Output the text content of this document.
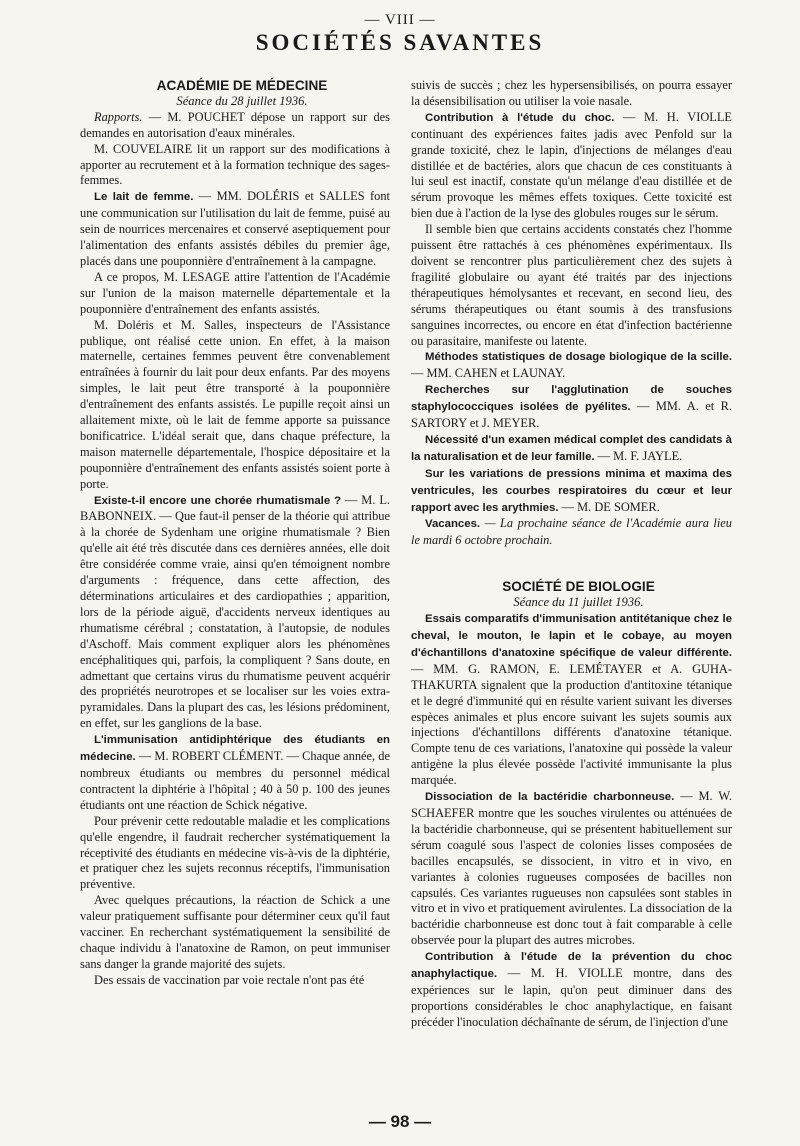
— VIII —
SOCIÉTÉS SAVANTES

ACADÉMIE DE MÉDECINE

Séance du 28 juillet 1936.

Rapports. — M. POUCHET dépose un rapport sur des demandes en autorisation d'eaux minérales.

M. COUVELAIRE lit un rapport sur des modifications à apporter au recrutement et à la formation technique des sages-femmes.

Le lait de femme. — MM. DOLÉRIS et SALLES font une communication sur l'utilisation du lait de femme, puisé au sein de nourrices mercenaires et conservé aseptiquement pour l'alimentation des enfants assistés débiles du premier âge, placés dans une pouponnière d'entraînement à la campagne.

A ce propos, M. LESAGE attire l'attention de l'Académie sur l'union de la maison maternelle départementale et la pouponnière d'entraînement des enfants assistés.

M. Doléris et M. Salles, inspecteurs de l'Assistance publique, ont réalisé cette union. En effet, à la maison maternelle, certaines femmes peuvent être convenablement entraînées à fournir du lait pour deux enfants. Par des moyens simples, le lait peut être transporté à la pouponnière d'entraînement des enfants assistés. Le pupille reçoit ainsi un allaitement mixte, où le lait de femme apporte sa puissance bonificatrice. L'idéal serait que, dans chaque préfecture, la maison maternelle départementale, l'hospice dépositaire et la pouponnière d'entraînement des enfants assistés soient porte à porte.

Existe-t-il encore une chorée rhumatismale ? — M. L. BABONNEIX. — Que faut-il penser de la théorie qui attribue à la chorée de Sydenham une origine rhumatismale ? Bien qu'elle ait été très discutée dans ces dernières années, elle doit être considérée comme vraie, ainsi qu'en témoignent nombre d'arguments : fréquence, dans cette affection, des déterminations articulaires et des cardiopathies ; apparition, lors de la période aiguë, d'accidents nerveux identiques au rhumatisme cérébral ; constatation, à l'autopsie, de nodules d'Aschoff. Mais comment expliquer alors les phénomènes encéphalitiques qui, parfois, la compliquent ? Sans doute, en admettant que certains virus du rhumatisme peuvent acquérir des propriétés neurotropes et se localiser sur les voies extra-pyramidales. Dans la plupart des cas, les lésions prédominent, en effet, sur les ganglions de la base.

L'immunisation antidiphtérique des étudiants en médecine. — M. ROBERT CLÉMENT. — Chaque année, de nombreux étudiants ou membres du personnel médical contractent la diphtérie à l'hôpital ; 40 à 50 p. 100 des jeunes étudiants ont une réaction de Schick négative.

Pour prévenir cette redoutable maladie et les complications qu'elle engendre, il faudrait rechercher systématiquement la réceptivité des étudiants en médecine vis-à-vis de la diphtérie, et pratiquer chez les sujets reconnus réceptifs, l'immunisation préventive.

Avec quelques précautions, la réaction de Schick a une valeur pratiquement suffisante pour déterminer ceux qu'il faut vacciner. En recherchant systématiquement la sensibilité de chaque individu à l'anatoxine de Ramon, on peut immuniser sans danger la grande majorité des sujets.

Des essais de vaccination par voie rectale n'ont pas été

suivis de succès ; chez les hypersensibilisés, on pourra essayer la désensibilisation ou utiliser la voie nasale.

Contribution à l'étude du choc. — M. H. VIOLLE continuant des expériences faites jadis avec Penfold sur la grande toxicité, chez le lapin, d'injections de mélanges d'eau distillée et de bactéries, alors que chacun de ces constituants à lui seul est inactif, constate qu'un mélange d'eau distillée et de sérum provoque les mêmes effets toxiques. Cette toxicité est bien due à l'action de la lyse des globules rouges sur le sérum.

Il semble bien que certains accidents constatés chez l'homme puissent être rattachés à ces phénomènes expérimentaux. Ils doivent se rencontrer plus particulièrement chez des sujets à fragilité globulaire ou ayant été traités par des injections thérapeutiques hémolysantes et recevant, en second lieu, des sérums thérapeutiques ou étant soumis à des transfusions sanguines incorrectes, ou encore en état d'infection bactérienne ou parasitaire, manifeste ou latente.

Méthodes statistiques de dosage biologique de la scille. — MM. CAHEN et LAUNAY.

Recherches sur l'agglutination de souches staphylococciques isolées de pyélites. — MM. A. et R. SARTORY et J. MEYER.

Nécessité d'un examen médical complet des candidats à la naturalisation et de leur famille. — M. F. JAYLE.

Sur les variations de pressions minima et maxima des ventricules, les courbes respiratoires du cœur et leur rapport avec les arythmies. — M. DE SOMER.

Vacances. — La prochaine séance de l'Académie aura lieu le mardi 6 octobre prochain.

SOCIÉTÉ DE BIOLOGIE

Séance du 11 juillet 1936.

Essais comparatifs d'immunisation antitétanique chez le cheval, le mouton, le lapin et le cobaye, au moyen d'échantillons d'anatoxine spécifique de valeur différente. — MM. G. RAMON, E. LEMÉTAYER et A. GUHA-THAKURTA signalent que la production d'antitoxine tétanique et le degré d'immunité qui en résulte varient suivant les diverses espèces animales et plus encore suivant les sujets soumis aux injections d'échantillons différents d'anatoxine tétanique. Compte tenu de ces variations, l'anatoxine qui possède la valeur antigène la plus élevée possède l'activité immunisante la plus marquée.

Dissociation de la bactéridie charbonneuse. — M. W. SCHAEFER montre que les souches virulentes ou atténuées de la bactéridie charbonneuse, qui se présentent habituellement sur sérum coagulé sous l'aspect de colonies lisses composées de bacilles encapsulés, se dissocient, in vitro et in vivo, en variantes à colonies rugueuses composées de bacilles non capsulés. Ces variantes rugueuses non capsulées sont stables in vitro et in vivo et pratiquement avirulentes. La dissociation de la bactéridie charbonneuse est donc tout à fait comparable à celle observée pour la plupart des autres microbes.

Contribution à l'étude de la prévention du choc anaphylactique. — M. H. VIOLLE montre, dans des expériences sur le lapin, qu'on peut diminuer dans des proportions considérables le choc anaphylactique, en faisant précéder l'inoculation déchaînante de sérum, de l'injection d'une

— 98 —
